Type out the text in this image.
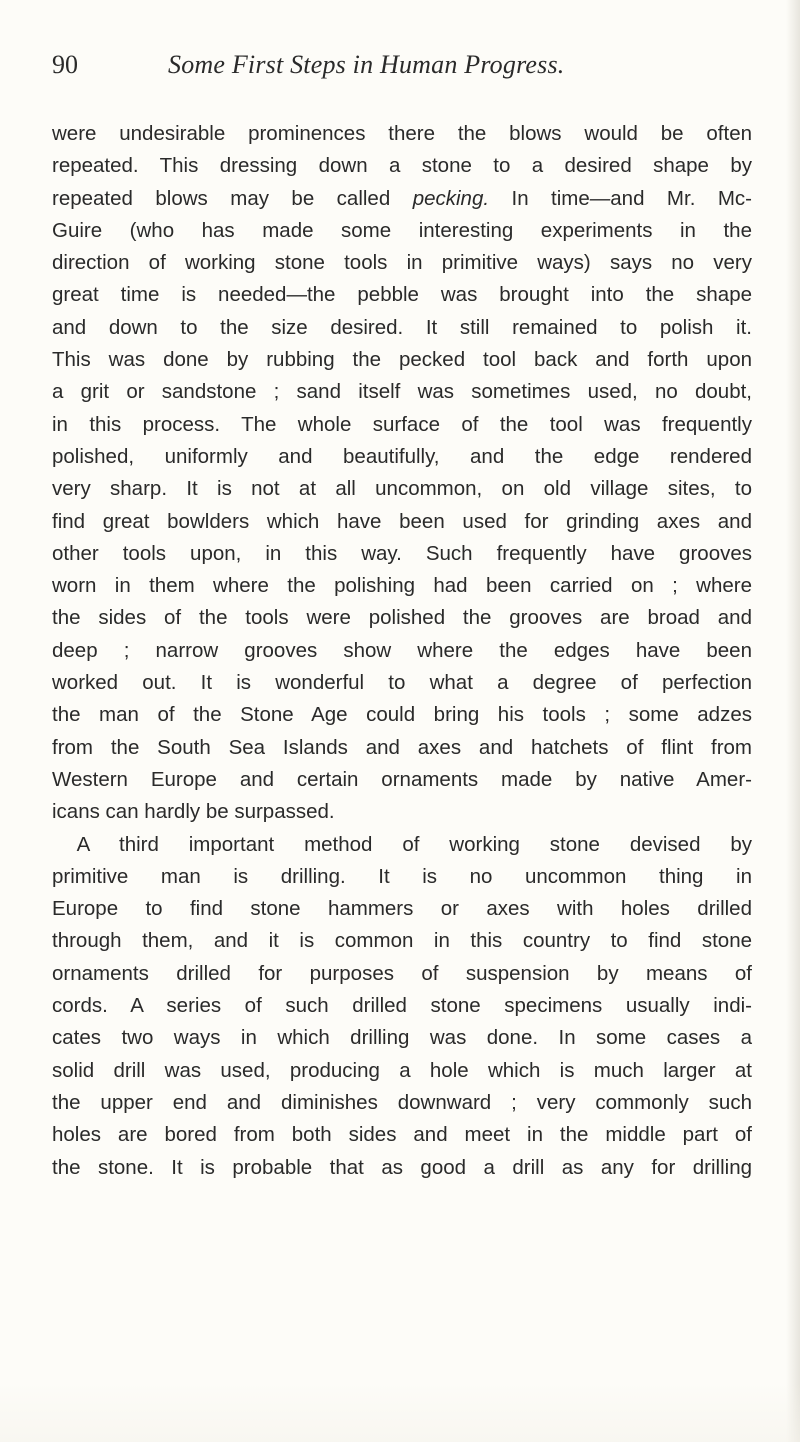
90	Some First Steps in Human Progress.
were undesirable prominences there the blows would be often
repeated. This dressing down a stone to a desired shape by
repeated blows may be called pecking. In time—and Mr. Mc-
Guire (who has made some interesting experiments in the
direction of working stone tools in primitive ways) says no very
great time is needed—the pebble was brought into the shape
and down to the size desired. It still remained to polish it.
This was done by rubbing the pecked tool back and forth upon
a grit or sandstone ; sand itself was sometimes used, no doubt,
in this process. The whole surface of the tool was frequently
polished, uniformly and beautifully, and the edge rendered
very sharp. It is not at all uncommon, on old village sites, to
find great bowlders which have been used for grinding axes and
other tools upon, in this way. Such frequently have grooves
worn in them where the polishing had been carried on ; where
the sides of the tools were polished the grooves are broad and
deep ; narrow grooves show where the edges have been
worked out. It is wonderful to what a degree of perfection
the man of the Stone Age could bring his tools ; some adzes
from the South Sea Islands and axes and hatchets of flint from
Western Europe and certain ornaments made by native Amer-
icans can hardly be surpassed.
A third important method of working stone devised by
primitive man is drilling. It is no uncommon thing in
Europe to find stone hammers or axes with holes drilled
through them, and it is common in this country to find stone
ornaments drilled for purposes of suspension by means of
cords. A series of such drilled stone specimens usually indi-
cates two ways in which drilling was done. In some cases a
solid drill was used, producing a hole which is much larger at
the upper end and diminishes downward ; very commonly such
holes are bored from both sides and meet in the middle part of
the stone. It is probable that as good a drill as any for drilling
